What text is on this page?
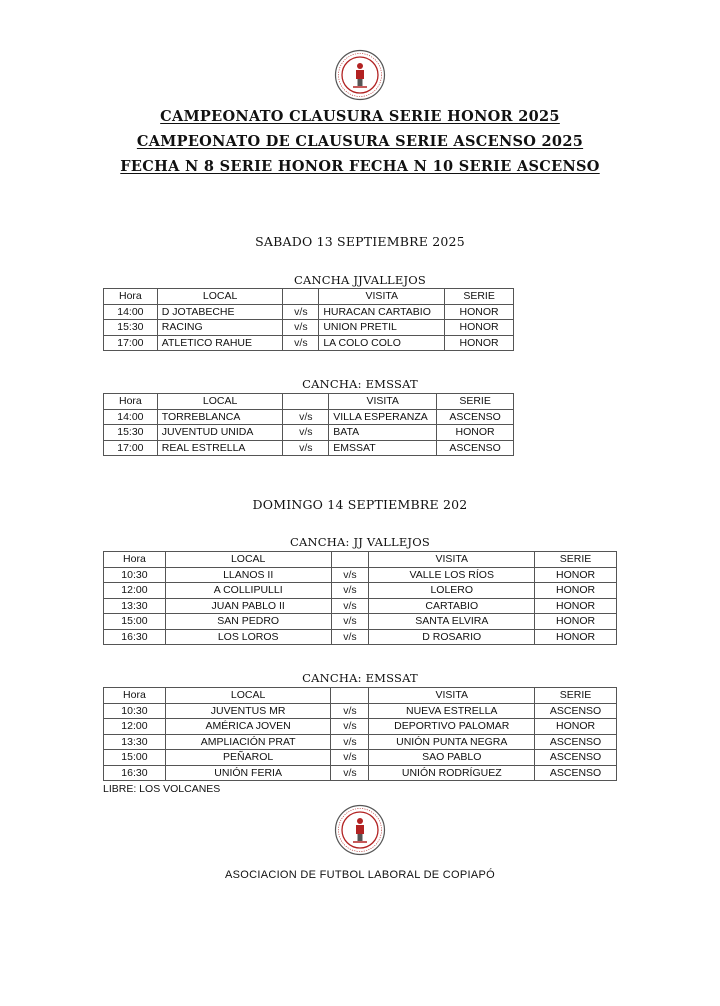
CAMPEONATO CLAUSURA SERIE HONOR 2025
CAMPEONATO DE CLAUSURA SERIE ASCENSO 2025
FECHA N 8 SERIE HONOR FECHA N 10 SERIE ASCENSO
SABADO 13 SEPTIEMBRE 2025
CANCHA JJVALLEJOS
Hora	LOCAL		VISITA	SERIE
14:00	D JOTABECHE	v/s	HURACAN CARTABIO	HONOR
15:30	RACING	v/s	UNION PRETIL	HONOR
17:00	ATLETICO RAHUE	v/s	LA COLO COLO	HONOR
CANCHA: EMSSAT
Hora	LOCAL		VISITA	SERIE
14:00	TORREBLANCA	v/s	VILLA ESPERANZA	ASCENSO
15:30	JUVENTUD UNIDA	v/s	BATA	HONOR
17:00	REAL ESTRELLA	v/s	EMSSAT	ASCENSO
DOMINGO 14 SEPTIEMBRE 202
CANCHA: JJ VALLEJOS
Hora	LOCAL		VISITA	SERIE
10:30	LLANOS II	v/s	VALLE LOS RÍOS	HONOR
12:00	A COLLIPULLI	v/s	LOLERO	HONOR
13:30	JUAN PABLO II	v/s	CARTABIO	HONOR
15:00	SAN PEDRO	v/s	SANTA ELVIRA	HONOR
16:30	LOS LOROS	v/s	D ROSARIO	HONOR
CANCHA: EMSSAT
Hora	LOCAL		VISITA	SERIE
10:30	JUVENTUS MR	v/s	NUEVA ESTRELLA	ASCENSO
12:00	AMÉRICA JOVEN	v/s	DEPORTIVO PALOMAR	HONOR
13:30	AMPLIACIÓN PRAT	v/s	UNIÓN PUNTA NEGRA	ASCENSO
15:00	PEÑAROL	v/s	SAO PABLO	ASCENSO
16:30	UNIÓN FERIA	v/s	UNIÓN RODRÍGUEZ	ASCENSO
LIBRE: LOS VOLCANES
ASOCIACION DE FUTBOL LABORAL DE COPIAPÓ
